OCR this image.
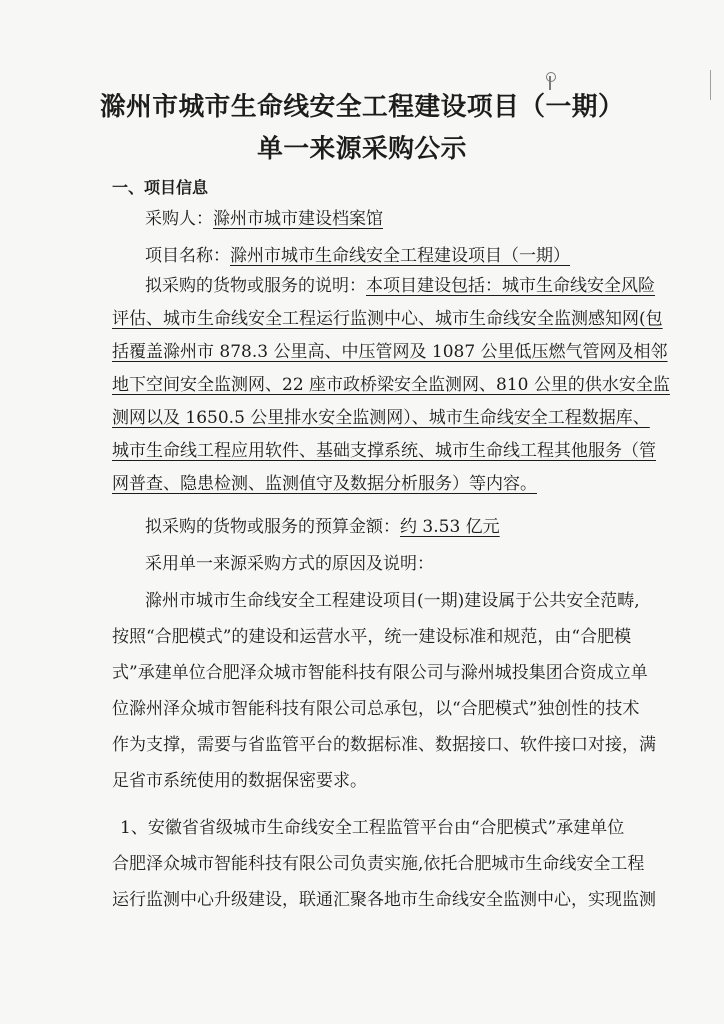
滁州市城市生命线安全工程建设项目（一期）
单一来源采购公示
一、项目信息
采购人：滁州市城市建设档案馆
项目名称：滁州市城市生命线安全工程建设项目（一期）
拟采购的货物或服务的说明：本项目建设包括：城市生命线安全风险
评估、城市生命线安全工程运行监测中心、城市生命线安全监测感知网(包
括覆盖滁州市 878.3 公里高、中压管网及 1087 公里低压燃气管网及相邻
地下空间安全监测网、22 座市政桥梁安全监测网、810 公里的供水安全监
测网以及 1650.5 公里排水安全监测网）、城市生命线安全工程数据库、
城市生命线工程应用软件、基础支撑系统、城市生命线工程其他服务（管
网普查、隐患检测、监测值守及数据分析服务）等内容。
拟采购的货物或服务的预算金额：约 3.53 亿元
采用单一来源采购方式的原因及说明：
滁州市城市生命线安全工程建设项目(一期)建设属于公共安全范畴,
按照“合肥模式”的建设和运营水平，统一建设标准和规范，由“合肥模
式”承建单位合肥泽众城市智能科技有限公司与滁州城投集团合资成立单
位滁州泽众城市智能科技有限公司总承包，以“合肥模式”独创性的技术
作为支撑，需要与省监管平台的数据标准、数据接口、软件接口对接，满
足省市系统使用的数据保密要求。
1、安徽省省级城市生命线安全工程监管平台由“合肥模式”承建单位
合肥泽众城市智能科技有限公司负责实施,依托合肥城市生命线安全工程
运行监测中心升级建设，联通汇聚各地市生命线安全监测中心，实现监测
